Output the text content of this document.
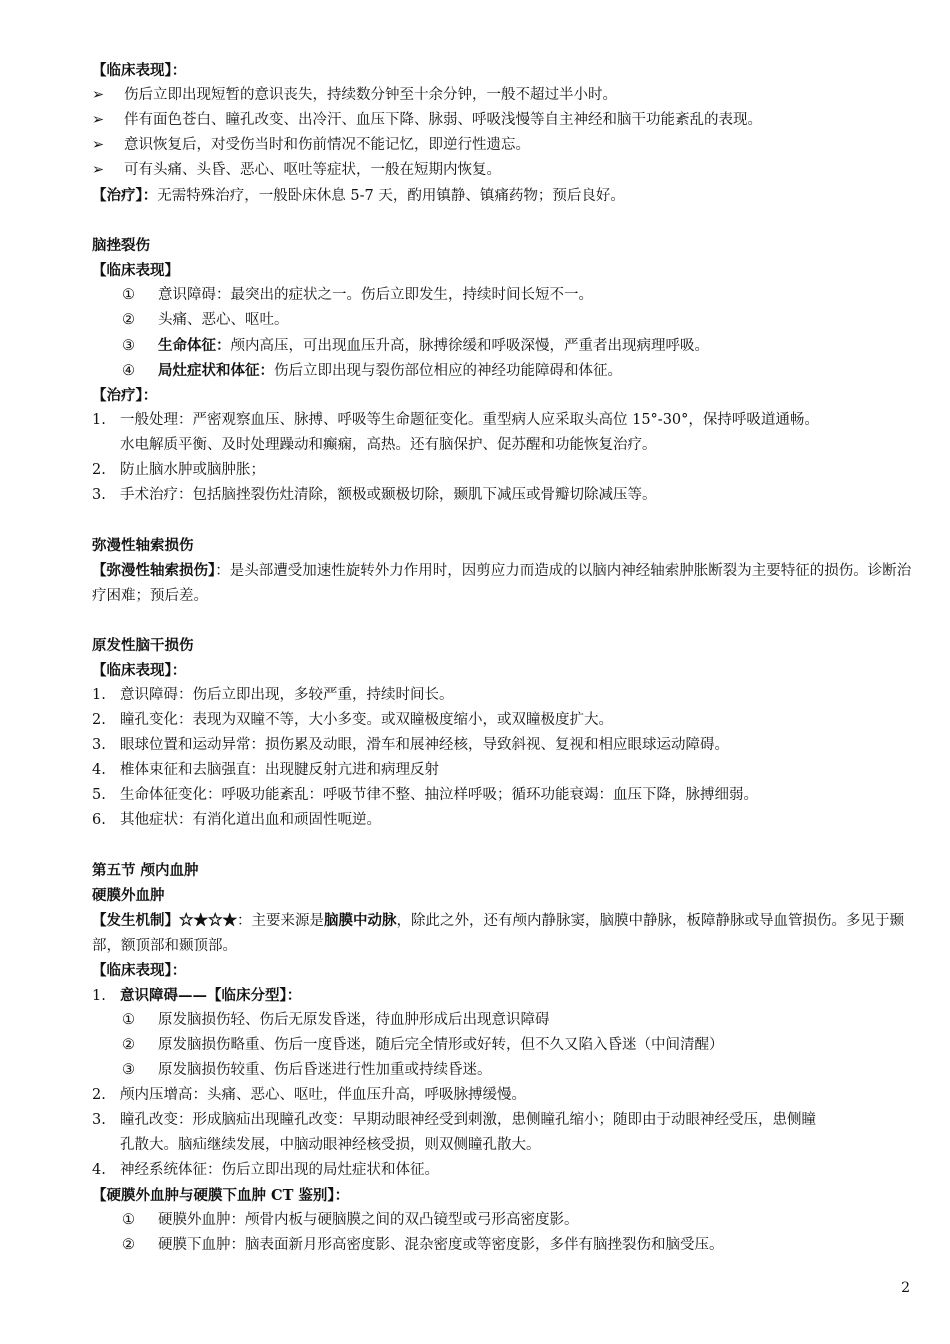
【临床表现】：
➢ 伤后立即出现短暂的意识丧失，持续数分钟至十余分钟，一般不超过半小时。
➢ 伴有面色苍白、瞳孔改变、出冷汗、血压下降、脉弱、呼吸浅慢等自主神经和脑干功能紊乱的表现。
➢ 意识恢复后，对受伤当时和伤前情况不能记忆，即逆行性遗忘。
➢ 可有头痛、头昏、恶心、呕吐等症状，一般在短期内恢复。
【治疗】：无需特殊治疗，一般卧床休息 5-7 天，酌用镇静、镇痛药物；预后良好。
脑挫裂伤
【临床表现】
① 意识障碍：最突出的症状之一。伤后立即发生，持续时间长短不一。
② 头痛、恶心、呕吐。
③ 生命体征：颅内高压，可出现血压升高，脉搏徐缓和呼吸深慢，严重者出现病理呼吸。
④ 局灶症状和体征：伤后立即出现与裂伤部位相应的神经功能障碍和体征。
【治疗】：
1. 一般处理：严密观察血压、脉搏、呼吸等生命题征变化。重型病人应采取头高位 15°-30°，保持呼吸道通畅。
水电解质平衡、及时处理躁动和癫痫，高热。还有脑保护、促苏醒和功能恢复治疗。
2. 防止脑水肿或脑肿胀；
3. 手术治疗：包括脑挫裂伤灶清除，额极或颞极切除，颞肌下减压或骨瓣切除减压等。
弥漫性轴索损伤
【弥漫性轴索损伤】：是头部遭受加速性旋转外力作用时，因剪应力而造成的以脑内神经轴索肿胀断裂为主要特征的损伤。诊断治疗困难；预后差。
原发性脑干损伤
【临床表现】：
1. 意识障碍：伤后立即出现，多较严重，持续时间长。
2. 瞳孔变化：表现为双瞳不等，大小多变。或双瞳极度缩小，或双瞳极度扩大。
3. 眼球位置和运动异常：损伤累及动眼，滑车和展神经核，导致斜视、复视和相应眼球运动障碍。
4. 椎体束征和去脑强直：出现腱反射亢进和病理反射
5. 生命体征变化：呼吸功能紊乱：呼吸节律不整、抽泣样呼吸；循环功能衰竭：血压下降，脉搏细弱。
6. 其他症状：有消化道出血和顽固性呃逆。
第五节 颅内血肿
硬膜外血肿
【发生机制】☆★☆★：主要来源是脑膜中动脉，除此之外，还有颅内静脉窦，脑膜中静脉，板障静脉或导血管损伤。多见于颞部，额顶部和颞顶部。
【临床表现】：
1. 意识障碍——【临床分型】：
① 原发脑损伤轻、伤后无原发昏迷，待血肿形成后出现意识障碍
② 原发脑损伤略重、伤后一度昏迷，随后完全情形或好转，但不久又陷入昏迷（中间清醒）
③ 原发脑损伤较重、伤后昏迷进行性加重或持续昏迷。
2. 颅内压增高：头痛、恶心、呕吐，伴血压升高，呼吸脉搏缓慢。
3. 瞳孔改变：形成脑疝出现瞳孔改变：早期动眼神经受到刺激，患侧瞳孔缩小；随即由于动眼神经受压，患侧瞳
孔散大。脑疝继续发展，中脑动眼神经核受损，则双侧瞳孔散大。
4. 神经系统体征：伤后立即出现的局灶症状和体征。
【硬膜外血肿与硬膜下血肿 CT 鉴别】：
① 硬膜外血肿：颅骨内板与硬脑膜之间的双凸镜型或弓形高密度影。
② 硬膜下血肿：脑表面新月形高密度影、混杂密度或等密度影，多伴有脑挫裂伤和脑受压。
2
